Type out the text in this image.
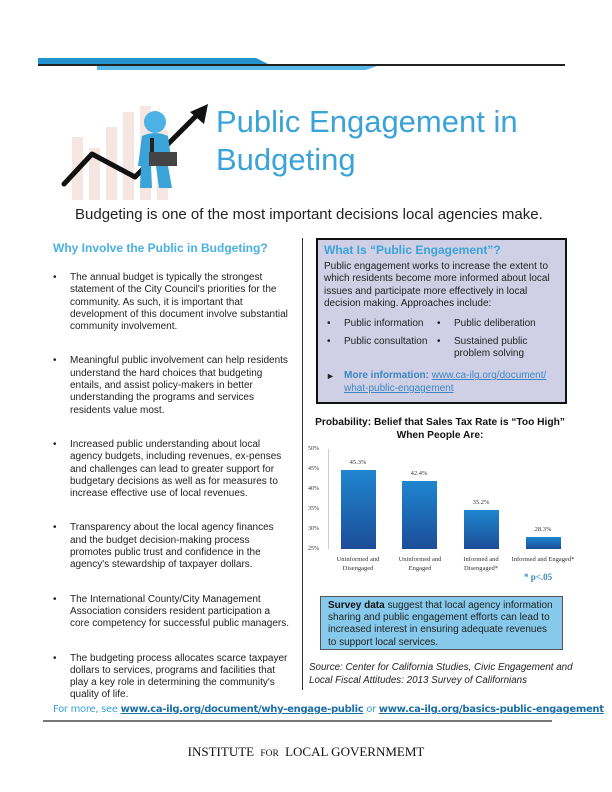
Public Engagement in
Budgeting
Budgeting is one of the most important decisions local agencies make.
Why Involve the Public in Budgeting?
• The annual budget is typically the strongest statement of the City Council's priorities for the community. As such, it is important that development of this document involve substantial community involvement.
• Meaningful public involvement can help residents understand the hard choices that budgeting entails, and assist policy-makers in better understanding the programs and services residents value most.
• Increased public understanding about local agency budgets, including revenues, ex-penses and challenges can lead to greater support for budgetary decisions as well as for measures to increase effective use of local revenues.
• Transparency about the local agency finances and the budget decision-making process promotes public trust and confidence in the agency's stewardship of taxpayer dollars.
• The International County/City Management Association considers resident participation a core competency for successful public managers.
• The budgeting process allocates scarce taxpayer dollars to services, programs and facilities that play a key role in determining the community's quality of life.
What Is “Public Engagement”?
Public engagement works to increase the extent to which residents become more informed about local issues and participate more effectively in local decision making. Approaches include:
• Public information	• Public deliberation
• Public consultation	• Sustained public problem solving
► More information: www.ca-ilg.org/document/
what-public-engagement
Probability: Belief that Sales Tax Rate is “Too High” When People Are:
50%
45%
40%
35%
30%
25%
45.3%
42.4%
35.2%
28.3%
Uninformed and Disengaged
Uninformed and Engaged
Informed and Disengaged*
Informed and Engaged*
* p<.05
Survey data suggest that local agency information sharing and public engagement efforts can lead to increased interest in ensuring adequate revenues to support local services.
Source: Center for California Studies, Civic Engagement and Local Fiscal Attitudes: 2013 Survey of Californians
For more, see www.ca-ilg.org/document/why-engage-public or www.ca-ilg.org/basics-public-engagement
INSTITUTE FOR LOCAL GOVERNMEMT
